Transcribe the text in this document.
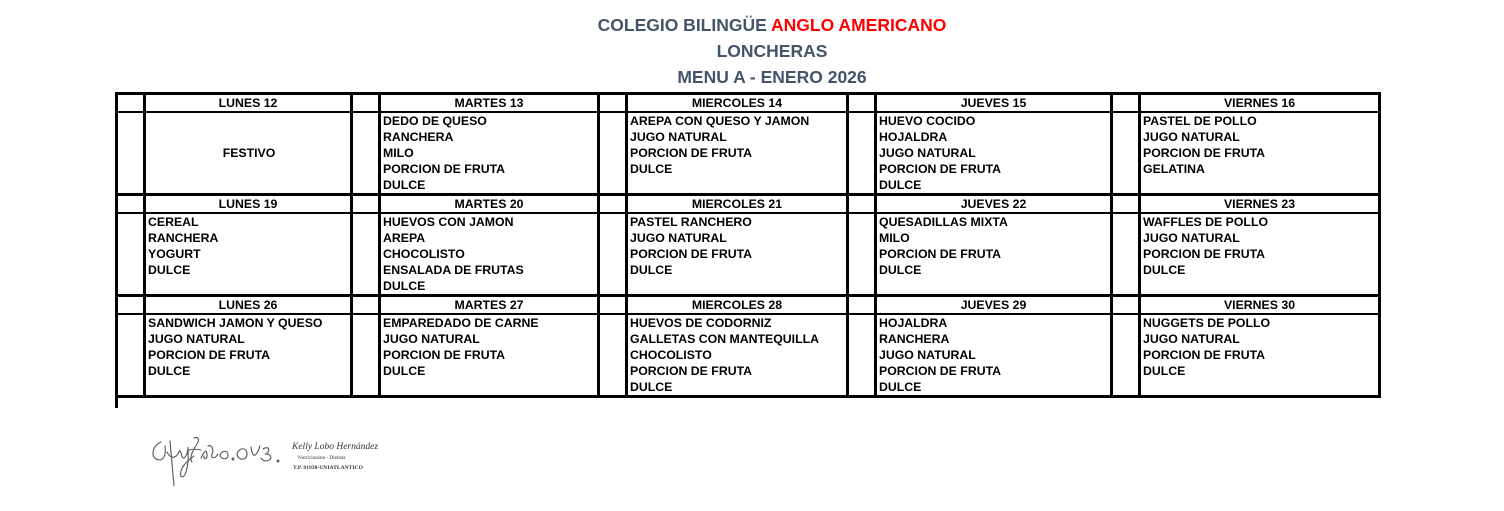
COLEGIO BILINGÜE ANGLO AMERICANO
LONCHERAS
MENU A - ENERO 2026
	LUNES 12		MARTES 13		MIERCOLES 14		JUEVES 15		VIERNES 16
	FESTIVO		DEDO DE QUESO		AREPA CON QUESO Y JAMON		HUEVO COCIDO		PASTEL DE POLLO
			RANCHERA		JUGO NATURAL		HOJALDRA		JUGO NATURAL
			MILO		PORCION DE FRUTA		JUGO NATURAL		PORCION DE FRUTA
			PORCION DE FRUTA		DULCE		PORCION DE FRUTA		GELATINA
			DULCE				DULCE		
	LUNES 19		MARTES 20		MIERCOLES 21		JUEVES 22		VIERNES 23
	CEREAL		HUEVOS CON JAMON		PASTEL RANCHERO		QUESADILLAS MIXTA		WAFFLES DE POLLO
	RANCHERA		AREPA		JUGO NATURAL		MILO		JUGO NATURAL
	YOGURT		CHOCOLISTO		PORCION DE FRUTA		PORCION DE FRUTA		PORCION DE FRUTA
	DULCE		ENSALADA DE FRUTAS		DULCE		DULCE		DULCE
			DULCE						
	LUNES 26		MARTES 27		MIERCOLES 28		JUEVES 29		VIERNES 30
	SANDWICH JAMON Y QUESO		EMPAREDADO DE CARNE		HUEVOS DE CODORNIZ		HOJALDRA		NUGGETS DE POLLO
	JUGO NATURAL		JUGO NATURAL		GALLETAS CON MANTEQUILLA		RANCHERA		JUGO NATURAL
	PORCION DE FRUTA		PORCION DE FRUTA		CHOCOLISTO		JUGO NATURAL		PORCION DE FRUTA
	DULCE		DULCE		PORCION DE FRUTA		PORCION DE FRUTA		DULCE
					DULCE		DULCE		

Kelly Lobo Hernández
Nutricionista - Dietista
T.P. 01938-UNIATLANTICO
